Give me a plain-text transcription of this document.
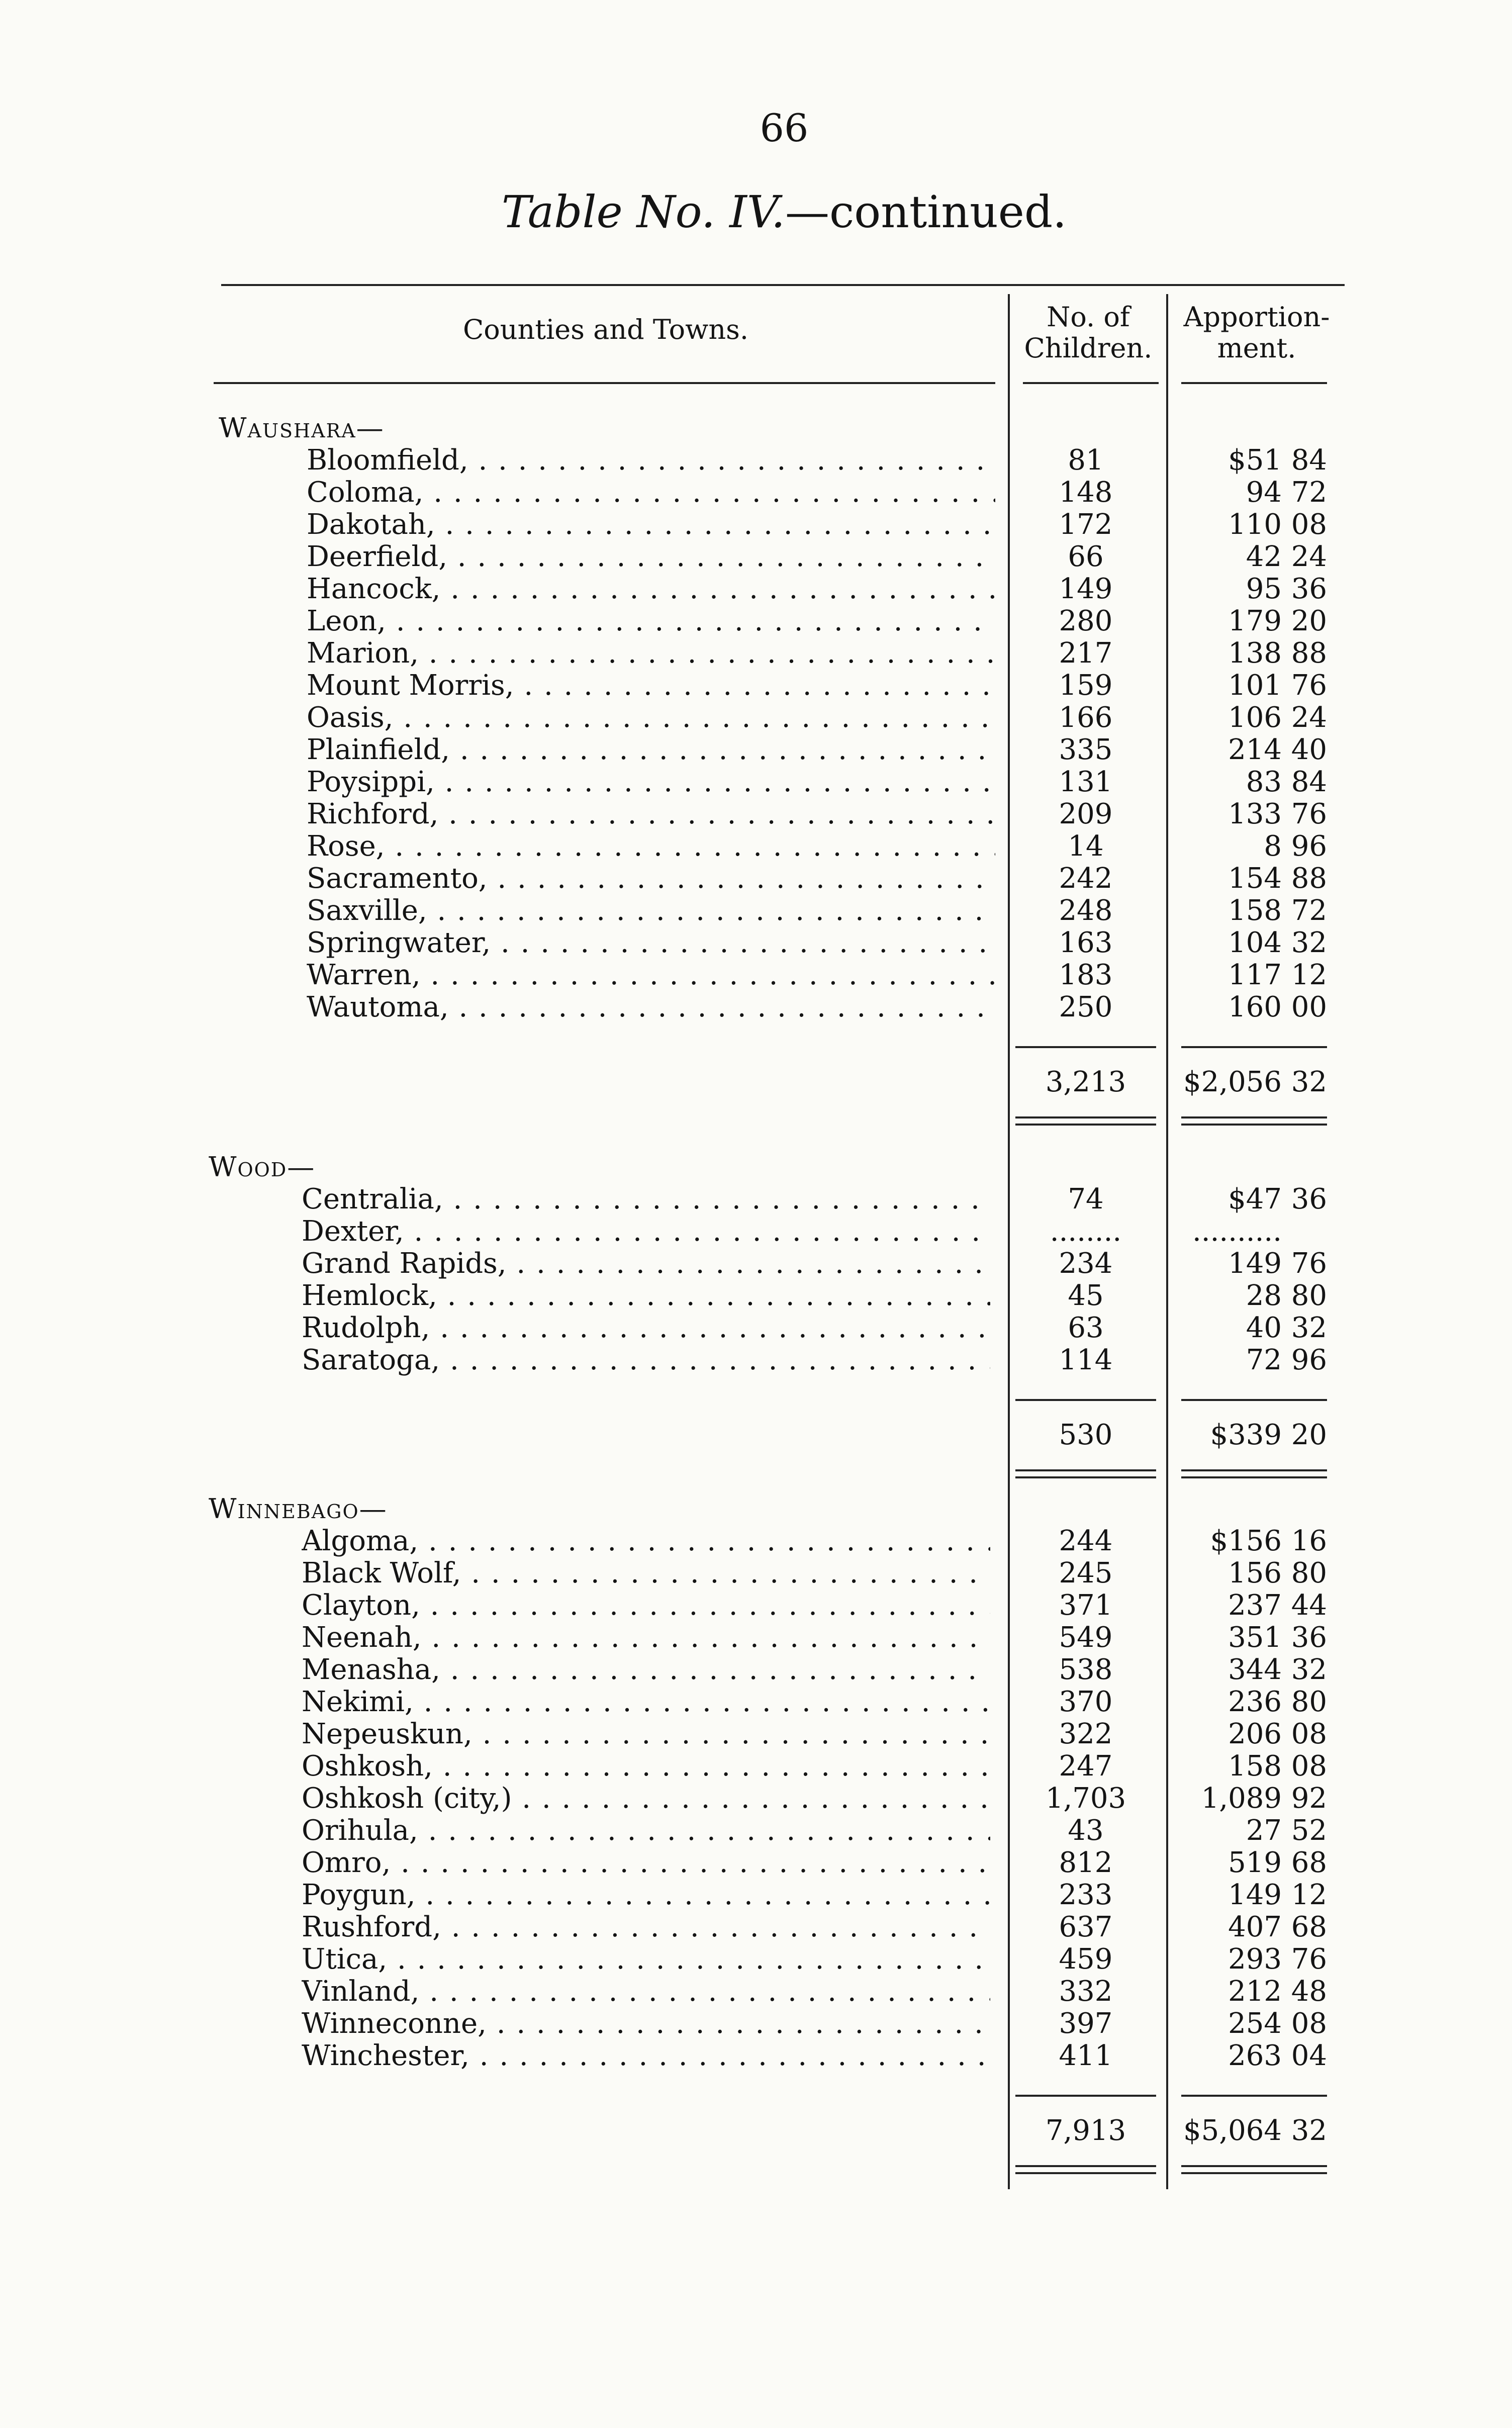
66
Table No. IV.—continued.
Counties and Towns.	No. of
Children.
Apportion-
ment.
Waushara—
Bloomfield, . . .	81	$51 84
Coloma, . . .	148	94 72
Dakotah, . . .	172	110 08
Deerfield, . . .	66	42 24
Hancock, . . .	149	95 36
Leon, . . .	280	179 20
Marion, . . .	217	138 88
Mount Morris, . . .	159	101 76
Oasis, . . .	166	106 24
Plainfield, . . .	335	214 40
Poysippi, . . .	131	83 84
Richford, . . .	209	133 76
Rose, . . .	14	8 96
Sacramento, . . .	242	154 88
Saxville, . . .	248	158 72
Springwater, . . .	163	104 32
Warren, . . .	183	117 12
Wautoma, . . .	250	160 00
3,213	$2,056 32
Wood—
Centralia, . . .	74	$47 36
Dexter, . . .	........	..........
Grand Rapids, . . .	234	149 76
Hemlock, . . .	45	28 80
Rudolph, . . .	63	40 32
Saratoga, . . .	114	72 96
530	$339 20
Winnebago—
Algoma, . . .	244	$156 16
Black Wolf, . . .	245	156 80
Clayton, . . .	371	237 44
Neenah, . . .	549	351 36
Menasha, . . .	538	344 32
Nekimi, . . .	370	236 80
Nepeuskun, . . .	322	206 08
Oshkosh, . . .	247	158 08
Oshkosh (city,) . . .	1,703	1,089 92
Orihula, . . .	43	27 52
Omro, . . .	812	519 68
Poygun, . . .	233	149 12
Rushford, . . .	637	407 68
Utica, . . .	459	293 76
Vinland, . . .	332	212 48
Winneconne, . . .	397	254 08
Winchester, . . .	411	263 04
7,913	$5,064 32
